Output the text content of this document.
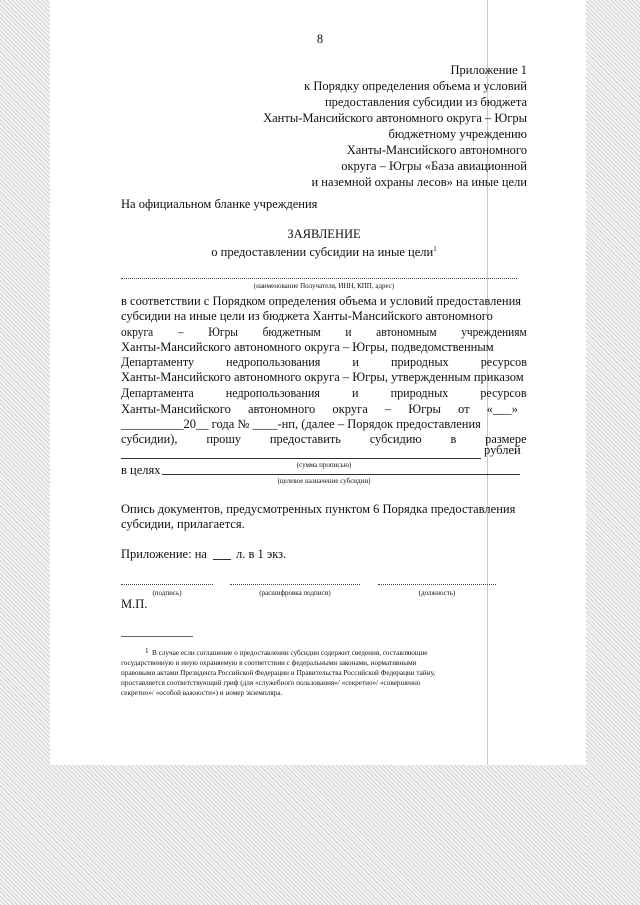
8
Приложение 1
к Порядку определения объема и условий
предоставления субсидии из бюджета
Ханты-Мансийского автономного округа – Югры
бюджетному учреждению
Ханты-Мансийского автономного
округа – Югры «База авиационной
и наземной охраны лесов» на иные цели
На официальном бланке учреждения
ЗАЯВЛЕНИЕ
о предоставлении субсидии на иные цели$^1$
(наименование Получателя, ИНН, КПП, адрес)
в соответствии с Порядком определения объема и условий предоставления
субсидии на иные цели из бюджета Ханты-Мансийского автономного
округа – Югры бюджетным и автономным учреждениям
Ханты-Мансийского автономного округа – Югры, подведомственным
Департаменту недропользования и природных ресурсов
Ханты-Мансийского автономного округа – Югры, утвержденным приказом
Департамента недропользования и природных ресурсов
Ханты-Мансийского автономного округа – Югры от «___»
__________20__ года № ____-нп, (далее – Порядок предоставления
субсидии), прошу предоставить субсидию в размере
рублей
(сумма прописью)
в целях
(целевое назначение субсидии)
Опись документов, предусмотренных пунктом 6 Порядка предоставления
субсидии, прилагается.
Приложение: на л. в 1 экз.
(подпись)	(расшифровка подписи)	(должность)
М.П.
1 В случае если соглашение о предоставлении субсидии содержит сведения, составляющие
государственную и иную охраняемую в соответствии с федеральными законами, нормативными
правовыми актами Президента Российской Федерации и Правительства Российской Федерации тайну,
проставляется соответствующий гриф (для «служебного пользования»/ «секретно»/ «совершенно
секретно»/ «особой важности») и номер экземпляра.
